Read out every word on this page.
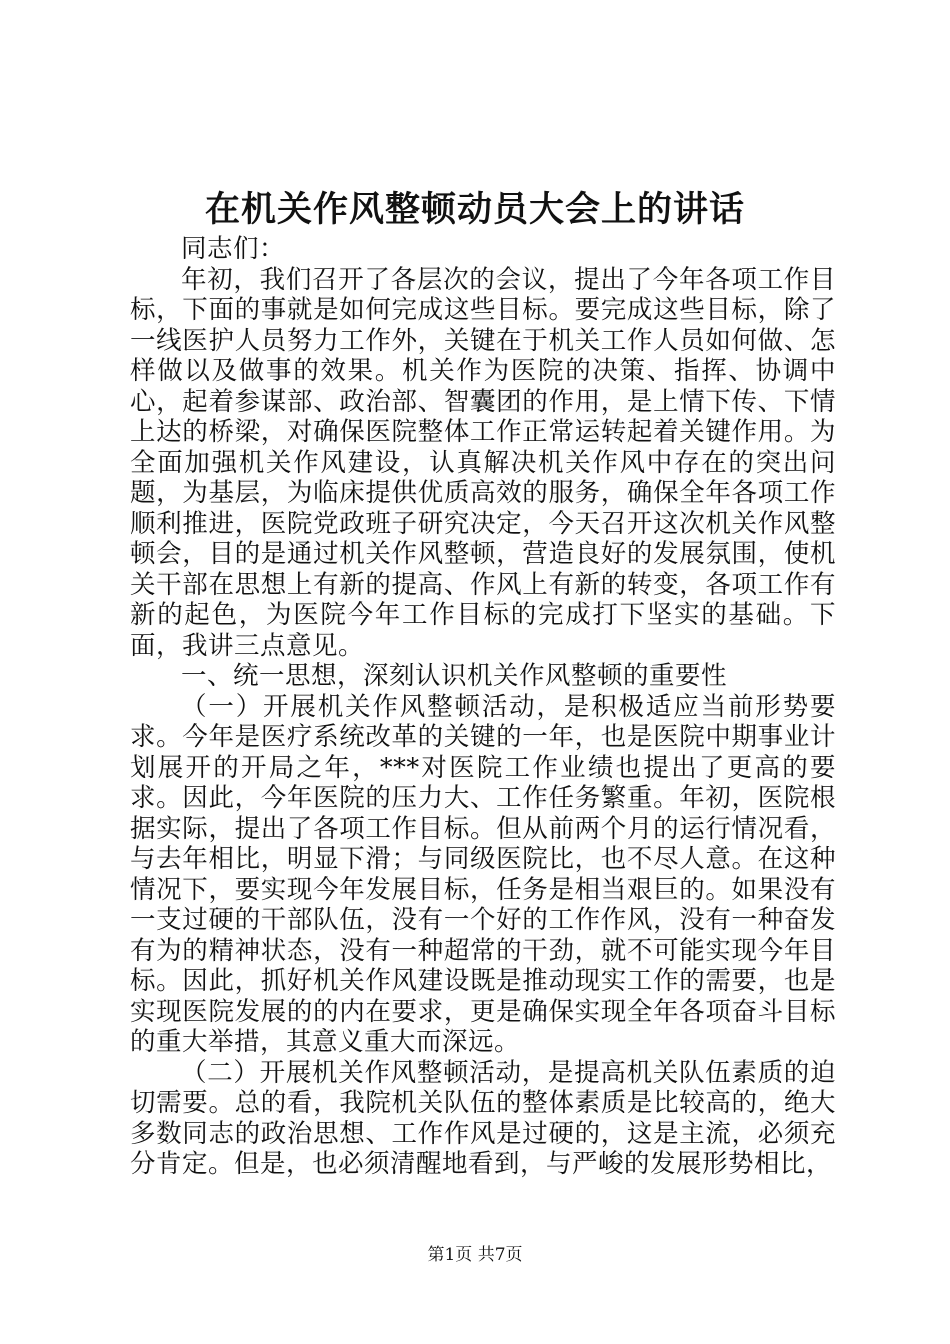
在机关作风整顿动员大会上的讲话

同志们：

年初，我们召开了各层次的会议，提出了今年各项工作目标，下面的事就是如何完成这些目标。要完成这些目标，除了一线医护人员努力工作外，关键在于机关工作人员如何做、怎样做以及做事的效果。机关作为医院的决策、指挥、协调中心，起着参谋部、政治部、智囊团的作用，是上情下传、下情上达的桥梁，对确保医院整体工作正常运转起着关键作用。为全面加强机关作风建设，认真解决机关作风中存在的突出问题，为基层，为临床提供优质高效的服务，确保全年各项工作顺利推进，医院党政班子研究决定，今天召开这次机关作风整顿会，目的是通过机关作风整顿，营造良好的发展氛围，使机关干部在思想上有新的提高、作风上有新的转变，各项工作有新的起色，为医院今年工作目标的完成打下坚实的基础。下面，我讲三点意见。

一、统一思想，深刻认识机关作风整顿的重要性

（一）开展机关作风整顿活动，是积极适应当前形势要求。今年是医疗系统改革的关键的一年，也是医院中期事业计划展开的开局之年，***对医院工作业绩也提出了更高的要求。因此，今年医院的压力大、工作任务繁重。年初，医院根据实际，提出了各项工作目标。但从前两个月的运行情况看，与去年相比，明显下滑；与同级医院比，也不尽人意。在这种情况下，要实现今年发展目标，任务是相当艰巨的。如果没有一支过硬的干部队伍，没有一个好的工作作风，没有一种奋发有为的精神状态，没有一种超常的干劲，就不可能实现今年目标。因此，抓好机关作风建设既是推动现实工作的需要，也是实现医院发展的的内在要求，更是确保实现全年各项奋斗目标的重大举措，其意义重大而深远。

（二）开展机关作风整顿活动，是提高机关队伍素质的迫切需要。总的看，我院机关队伍的整体素质是比较高的，绝大多数同志的政治思想、工作作风是过硬的，这是主流，必须充分肯定。但是，也必须清醒地看到，与严峻的发展形势相比，

第1页 共7页
